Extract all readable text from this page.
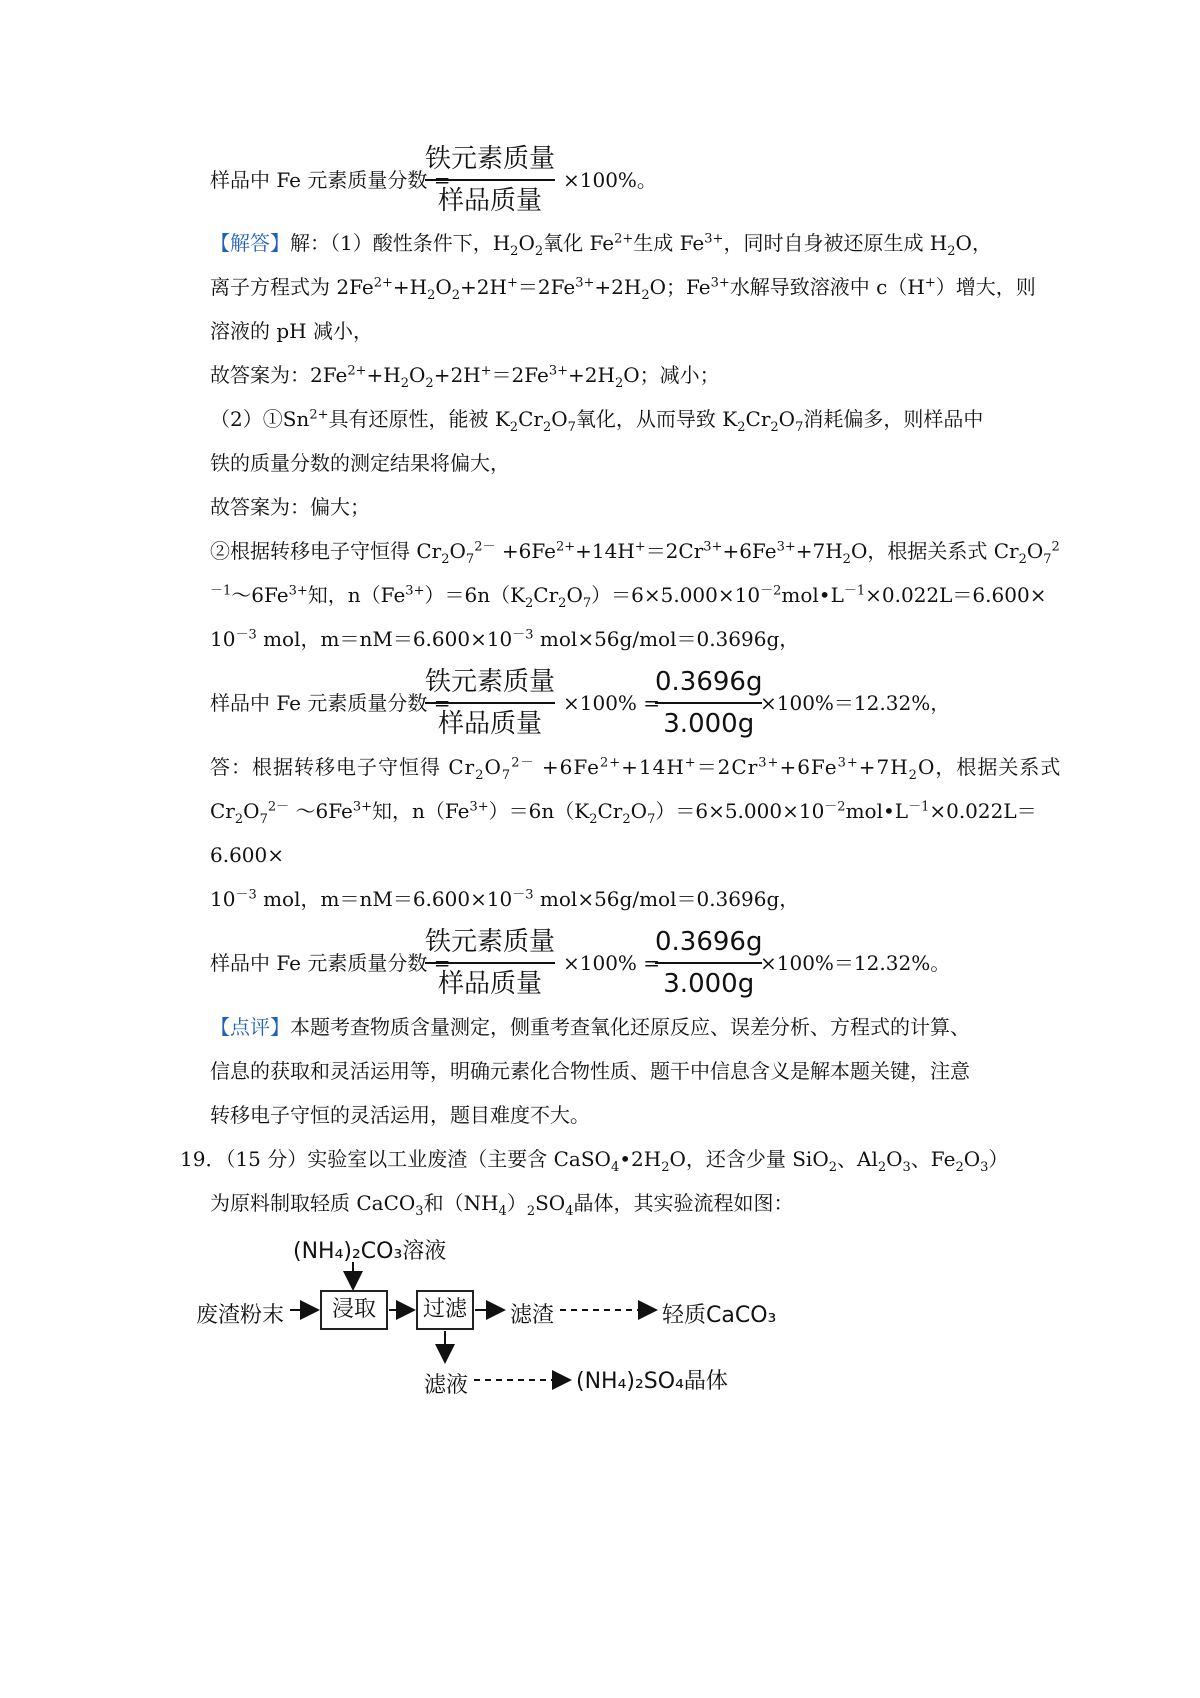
样品中 Fe 元素质量分数 =
铁元素质量
样品质量
×100%。
【解答】解：（1）酸性条件下，$H_2O_2$氧化 $Fe^{2+}$生成 $Fe^{3+}$，同时自身被还原生成 $H_2O$，
离子方程式为 $2Fe^{2+}+H_2O_2+2H^+=2Fe^{3+}+2H_2O$；$Fe^{3+}$水解导致溶液中 c（H+）增大，则
溶液的 pH 减小，
故答案为：$2Fe^{2+}+H_2O_2+2H^+=2Fe^{3+}+2H_2O$；减小；
$(2)①Sn^{2+}$具有还原性，能被 $K_2Cr_2O_7$氧化，从而导致 $K_2Cr_2O_7$消耗偏多，则样品中
铁的质量分数的测定结果将偏大，
故答案为：偏大；
②根据转移电子守恒得 $Cr_2O_7^{2-} +6Fe^{2+}+14H^+=2Cr^{3+}+6Fe^{3+}+7H_2O$，根据关系式 $Cr_2O_7^2$
$^{-1}\sim 6Fe^{3+}$知，$n(Fe^{3+})=6n(K_2Cr_2O_7)=6\times 5.000\times 10^{-2}mol•L^{-1}\times 0.022L=6.600\times$
$10^{-3}$ mol，$m=nM=6.600\times 10^{-3}$ mol×56g/mol＝0.3696g，
样品中 Fe 元素质量分数 =
铁元素质量
样品质量
×100% =
0.3696g
3.000g
×100%＝12.32%，
答：根据转移电子守恒得 $Cr_2O_7^{2-} +6Fe^{2+}+14H^+=2Cr^{3+}+6Fe^{3+}+7H_2O$，根据关系式
$Cr_2O_7^{2-}$ $\sim 6Fe^{3+}$知，$n(Fe^{3+})=6n(K_2Cr_2O_7)=6\times 5.000\times 10^{-2}mol•L^{-1}\times 0.022L=$
6.600×
$10^{-3}$ mol，$m=nM=6.600\times 10^{-3}$ mol×56g/mol＝0.3696g，
样品中 Fe 元素质量分数 =
铁元素质量
样品质量
×100% =
0.3696g
3.000g
×100%＝12.32%。
【点评】本题考查物质含量测定，侧重考查氧化还原反应、误差分析、方程式的计算、
信息的获取和灵活运用等，明确元素化合物性质、题干中信息含义是解本题关键，注意
转移电子守恒的灵活运用，题目难度不大。
19．（15 分）实验室以工业废渣（主要含 $CaSO_4•2H_2O$，还含少量 SiO$_2$、$Al_2O_3$、$Fe_2O_3$）
为原料制取轻质 CaCO$_3$和$(NH_4)_2SO_4$晶体，其实验流程如图：
(NH₄)₂CO₃溶液
废渣粉末	浸取	过滤	滤渣	轻质CaCO₃
滤液	(NH₄)₂SO₄晶体
